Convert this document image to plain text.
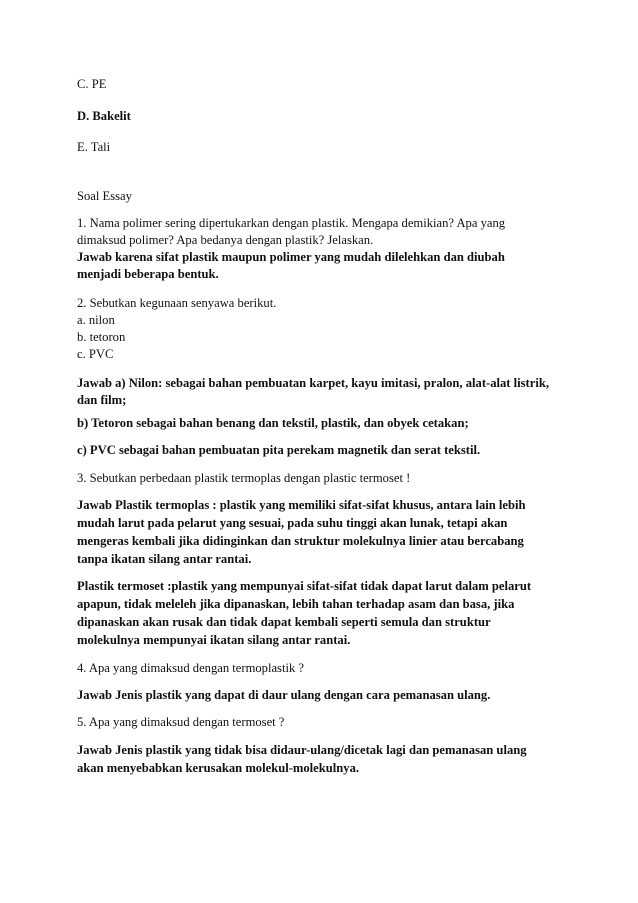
C. PE

D. Bakelit

E. Tali

Soal Essay

1. Nama polimer sering dipertukarkan dengan plastik. Mengapa demikian? Apa yang

dimaksud polimer? Apa bedanya dengan plastik? Jelaskan.

Jawab karena sifat plastik maupun polimer yang mudah dilelehkan dan diubah

menjadi beberapa bentuk.

2. Sebutkan kegunaan senyawa berikut.

a. nilon

b. tetoron

c. PVC

Jawab a) Nilon: sebagai bahan pembuatan karpet, kayu imitasi, pralon, alat-alat listrik,

dan film;

b) Tetoron sebagai bahan benang dan tekstil, plastik, dan obyek cetakan;

c) PVC sebagai bahan pembuatan pita perekam magnetik dan serat tekstil.

3. Sebutkan perbedaan plastik termoplas dengan plastic termoset !

Jawab Plastik termoplas : plastik yang memiliki sifat-sifat khusus, antara lain lebih

mudah larut pada pelarut yang sesuai, pada suhu tinggi akan lunak, tetapi akan

mengeras kembali jika didinginkan dan struktur molekulnya linier atau bercabang

tanpa ikatan silang antar rantai.

Plastik termoset :plastik yang mempunyai sifat-sifat tidak dapat larut dalam pelarut

apapun, tidak meleleh jika dipanaskan, lebih tahan terhadap asam dan basa, jika

dipanaskan akan rusak dan tidak dapat kembali seperti semula dan struktur

molekulnya mempunyai ikatan silang antar rantai.

4. Apa yang dimaksud dengan termoplastik ?

Jawab Jenis plastik yang dapat di daur ulang dengan cara pemanasan ulang.

5. Apa yang dimaksud dengan termoset ?

Jawab Jenis plastik yang tidak bisa didaur-ulang/dicetak lagi dan pemanasan ulang

akan menyebabkan kerusakan molekul-molekulnya.
